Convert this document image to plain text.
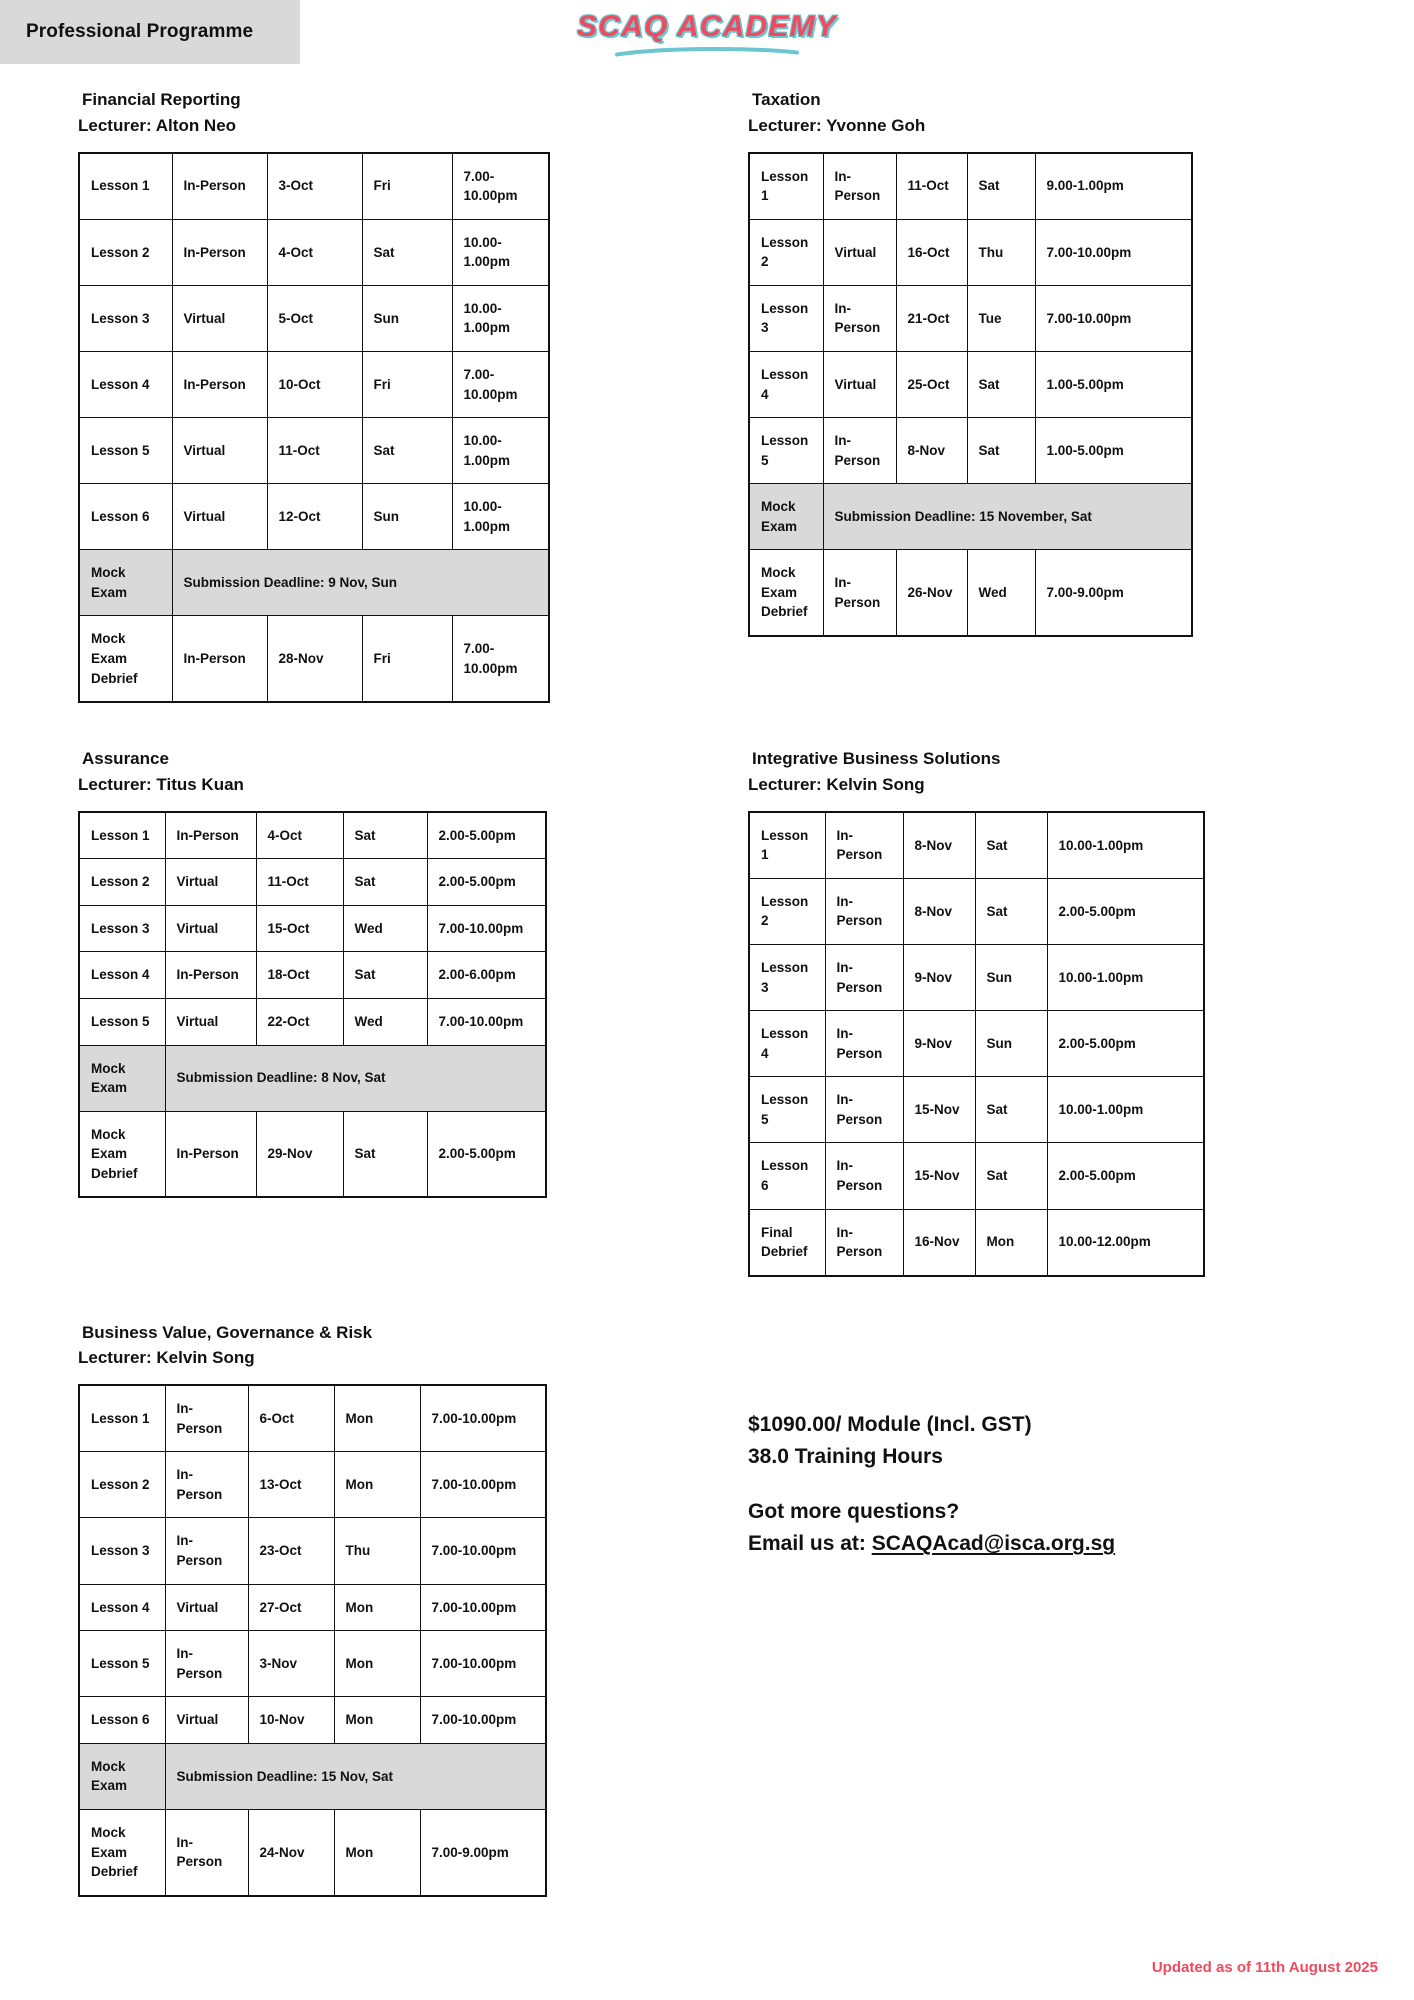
Professional Programme	SCAQ ACADEMY
Financial Reporting
Lecturer: Alton Neo
Lesson 1	In-Person	3-Oct	Fri	7.00-10.00pm
Lesson 2	In-Person	4-Oct	Sat	10.00-1.00pm
Lesson 3	Virtual	5-Oct	Sun	10.00-1.00pm
Lesson 4	In-Person	10-Oct	Fri	7.00-10.00pm
Lesson 5	Virtual	11-Oct	Sat	10.00-1.00pm
Lesson 6	Virtual	12-Oct	Sun	10.00-1.00pm
Mock Exam	Submission Deadline: 9 Nov, Sun			
Mock Exam Debrief	In-Person	28-Nov	Fri	7.00-10.00pm
Taxation
Lecturer: Yvonne Goh
Lesson 1	In-Person	11-Oct	Sat	9.00-1.00pm
Lesson 2	Virtual	16-Oct	Thu	7.00-10.00pm
Lesson 3	In-Person	21-Oct	Tue	7.00-10.00pm
Lesson 4	Virtual	25-Oct	Sat	1.00-5.00pm
Lesson 5	In-Person	8-Nov	Sat	1.00-5.00pm
Mock Exam	Submission Deadline: 15 November, Sat			
Mock Exam Debrief	In-Person	26-Nov	Wed	7.00-9.00pm
Assurance
Lecturer: Titus Kuan
Lesson 1	In-Person	4-Oct	Sat	2.00-5.00pm
Lesson 2	Virtual	11-Oct	Sat	2.00-5.00pm
Lesson 3	Virtual	15-Oct	Wed	7.00-10.00pm
Lesson 4	In-Person	18-Oct	Sat	2.00-6.00pm
Lesson 5	Virtual	22-Oct	Wed	7.00-10.00pm
Mock Exam	Submission Deadline: 8 Nov, Sat			
Mock Exam Debrief	In-Person	29-Nov	Sat	2.00-5.00pm
Integrative Business Solutions
Lecturer: Kelvin Song
Lesson 1	In-Person	8-Nov	Sat	10.00-1.00pm
Lesson 2	In-Person	8-Nov	Sat	2.00-5.00pm
Lesson 3	In-Person	9-Nov	Sun	10.00-1.00pm
Lesson 4	In-Person	9-Nov	Sun	2.00-5.00pm
Lesson 5	In-Person	15-Nov	Sat	10.00-1.00pm
Lesson 6	In-Person	15-Nov	Sat	2.00-5.00pm
Final Debrief	In-Person	16-Nov	Mon	10.00-12.00pm
Business Value, Governance & Risk
Lecturer: Kelvin Song
Lesson 1	In-Person	6-Oct	Mon	7.00-10.00pm
Lesson 2	In-Person	13-Oct	Mon	7.00-10.00pm
Lesson 3	In-Person	23-Oct	Thu	7.00-10.00pm
Lesson 4	Virtual	27-Oct	Mon	7.00-10.00pm
Lesson 5	In-Person	3-Nov	Mon	7.00-10.00pm
Lesson 6	Virtual	10-Nov	Mon	7.00-10.00pm
Mock Exam	Submission Deadline: 15 Nov, Sat			
Mock Exam Debrief	In-Person	24-Nov	Mon	7.00-9.00pm
$1090.00/ Module (Incl. GST)
38.0 Training Hours
Got more questions?
Email us at: SCAQAcad@isca.org.sg
Updated as of 11th August 2025
